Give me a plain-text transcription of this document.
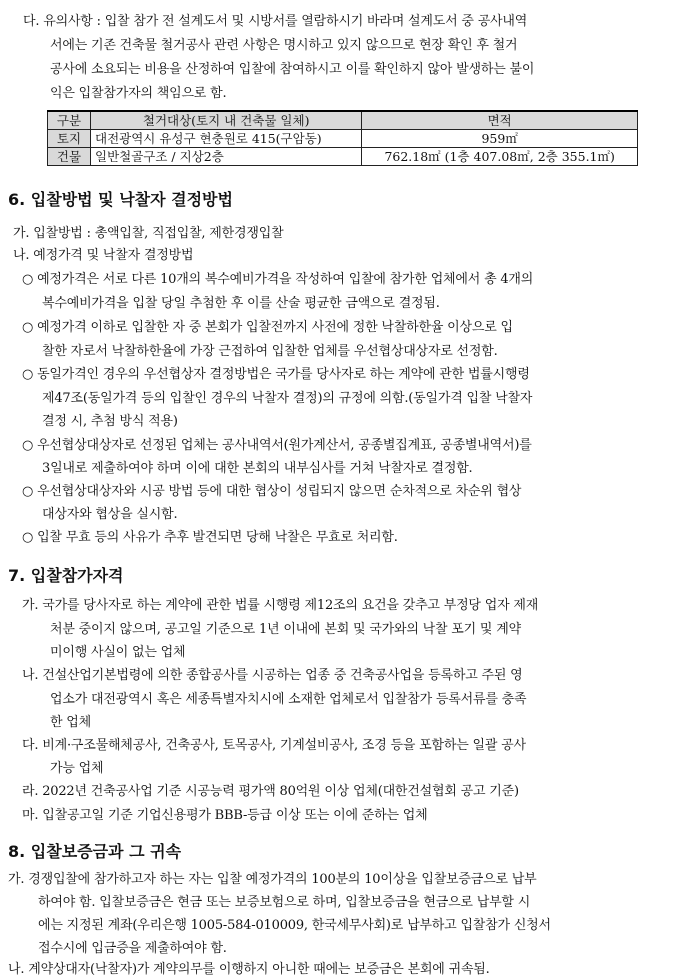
다. 유의사항 : 입찰 참가 전 설계도서 및 시방서를 열람하시기 바라며 설계도서 중 공사내역
서에는 기존 건축물 철거공사 관련 사항은 명시하고 있지 않으므로 현장 확인 후 철거
공사에 소요되는 비용을 산정하여 입찰에 참여하시고 이를 확인하지 않아 발생하는 불이
익은 입찰참가자의 책임으로 함.
구분	철거대상(토지 내 건축물 일체)	면적
토지	대전광역시 유성구 현충원로 415(구암동)	959㎡
건물	일반철골구조 / 지상2층	762.18㎡ (1층 407.08㎡, 2층 355.1㎡)
6. 입찰방법 및 낙찰자 결정방법
가. 입찰방법 : 총액입찰, 직접입찰, 제한경쟁입찰
나. 예정가격 및 낙찰자 결정방법
○ 예정가격은 서로 다른 10개의 복수예비가격을 작성하여 입찰에 참가한 업체에서 총 4개의
복수예비가격을 입찰 당일 추첨한 후 이를 산술 평균한 금액으로 결정됨.
○ 예정가격 이하로 입찰한 자 중 본회가 입찰전까지 사전에 정한 낙찰하한율 이상으로 입
찰한 자로서 낙찰하한율에 가장 근접하여 입찰한 업체를 우선협상대상자로 선정함.
○ 동일가격인 경우의 우선협상자 결정방법은 국가를 당사자로 하는 계약에 관한 법률시행령
제47조(동일가격 등의 입찰인 경우의 낙찰자 결정)의 규정에 의함.(동일가격 입찰 낙찰자
결정 시, 추첨 방식 적용)
○ 우선협상대상자로 선정된 업체는 공사내역서(원가계산서, 공종별집계표, 공종별내역서)를
3일내로 제출하여야 하며 이에 대한 본회의 내부심사를 거쳐 낙찰자로 결정함.
○ 우선협상대상자와 시공 방법 등에 대한 협상이 성립되지 않으면 순차적으로 차순위 협상
대상자와 협상을 실시함.
○ 입찰 무효 등의 사유가 추후 발견되면 당해 낙찰은 무효로 처리함.
7. 입찰참가자격
가. 국가를 당사자로 하는 계약에 관한 법률 시행령 제12조의 요건을 갖추고 부정당 업자 제재
처분 중이지 않으며, 공고일 기준으로 1년 이내에 본회 및 국가와의 낙찰 포기 및 계약
미이행 사실이 없는 업체
나. 건설산업기본법령에 의한 종합공사를 시공하는 업종 중 건축공사업을 등록하고 주된 영
업소가 대전광역시 혹은 세종특별자치시에 소재한 업체로서 입찰참가 등록서류를 충족
한 업체
다. 비계·구조물해체공사, 건축공사, 토목공사, 기계설비공사, 조경 등을 포함하는 일괄 공사
가능 업체
라. 2022년 건축공사업 기준 시공능력 평가액 80억원 이상 업체(대한건설협회 공고 기준)
마. 입찰공고일 기준 기업신용평가 BBB-등급 이상 또는 이에 준하는 업체
8. 입찰보증금과 그 귀속
가. 경쟁입찰에 참가하고자 하는 자는 입찰 예정가격의 100분의 10이상을 입찰보증금으로 납부
하여야 함. 입찰보증금은 현금 또는 보증보험으로 하며, 입찰보증금을 현금으로 납부할 시
에는 지정된 계좌(우리은행 1005-584-010009, 한국세무사회)로 납부하고 입찰참가 신청서
접수시에 입금증을 제출하여야 함.
나. 계약상대자(낙찰자)가 계약의무를 이행하지 아니한 때에는 보증금은 본회에 귀속됨.
